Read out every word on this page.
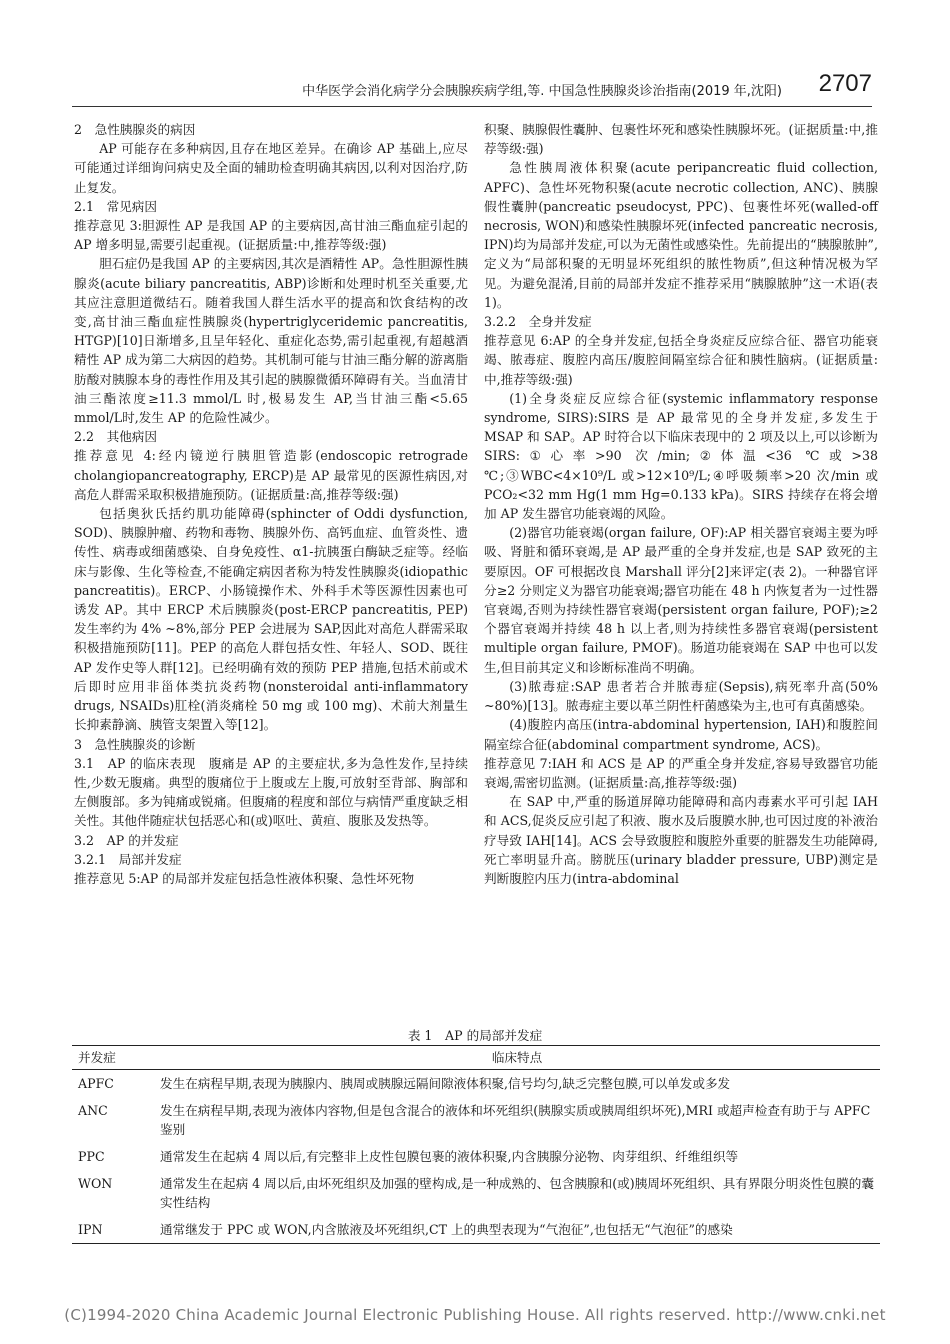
中华医学会消化病学分会胰腺疾病学组,等. 中国急性胰腺炎诊治指南(2019 年,沈阳) 2707

2　急性胰腺炎的病因

AP 可能存在多种病因,且存在地区差异。在确诊 AP 基础上,应尽可能通过详细询问病史及全面的辅助检查明确其病因,以利对因治疗,防止复发。

2.1　常见病因

推荐意见 3:胆源性 AP 是我国 AP 的主要病因,高甘油三酯血症引起的 AP 增多明显,需要引起重视。(证据质量:中,推荐等级:强)

胆石症仍是我国 AP 的主要病因,其次是酒精性 AP。急性胆源性胰腺炎(acute biliary pancreatitis, ABP)诊断和处理时机至关重要,尤其应注意胆道微结石。随着我国人群生活水平的提高和饮食结构的改变,高甘油三酯血症性胰腺炎(hypertriglyceridemic pancreatitis, HTGP)[10]日渐增多,且呈年轻化、重症化态势,需引起重视,有超越酒精性 AP 成为第二大病因的趋势。其机制可能与甘油三酯分解的游离脂肪酸对胰腺本身的毒性作用及其引起的胰腺微循环障碍有关。当血清甘油三酯浓度≥11.3 mmol/L 时,极易发生 AP,当甘油三酯<5.65 mmol/L时,发生 AP 的危险性减少。

2.2　其他病因

推荐意见 4:经内镜逆行胰胆管造影(endoscopic retrograde cholangiopancreatography, ERCP)是 AP 最常见的医源性病因,对高危人群需采取积极措施预防。(证据质量:高,推荐等级:强)

包括奥狄氏括约肌功能障碍(sphincter of Oddi dysfunction, SOD)、胰腺肿瘤、药物和毒物、胰腺外伤、高钙血症、血管炎性、遗传性、病毒或细菌感染、自身免疫性、α1-抗胰蛋白酶缺乏症等。经临床与影像、生化等检查,不能确定病因者称为特发性胰腺炎(idiopathic pancreatitis)。ERCP、小肠镜操作术、外科手术等医源性因素也可诱发 AP。其中 ERCP 术后胰腺炎(post-ERCP pancreatitis, PEP)发生率约为 4% ~8%,部分 PEP 会进展为 SAP,因此对高危人群需采取积极措施预防[11]。PEP 的高危人群包括女性、年轻人、SOD、既往 AP 发作史等人群[12]。已经明确有效的预防 PEP 措施,包括术前或术后即时应用非甾体类抗炎药物(nonsteroidal anti-inflammatory drugs, NSAIDs)肛栓(消炎痛栓 50 mg 或 100 mg)、术前大剂量生长抑素静滴、胰管支架置入等[12]。

3　急性胰腺炎的诊断

3.1　AP 的临床表现　腹痛是 AP 的主要症状,多为急性发作,呈持续性,少数无腹痛。典型的腹痛位于上腹或左上腹,可放射至背部、胸部和左侧腹部。多为钝痛或锐痛。但腹痛的程度和部位与病情严重度缺乏相关性。其他伴随症状包括恶心和(或)呕吐、黄疸、腹胀及发热等。

3.2　AP 的并发症

3.2.1　局部并发症

推荐意见 5:AP 的局部并发症包括急性液体积聚、急性坏死物

积聚、胰腺假性囊肿、包裹性坏死和感染性胰腺坏死。(证据质量:中,推荐等级:强)

急性胰周液体积聚(acute peripancreatic fluid collection, APFC)、急性坏死物积聚(acute necrotic collection, ANC)、胰腺假性囊肿(pancreatic pseudocyst, PPC)、包裹性坏死(walled-off necrosis, WON)和感染性胰腺坏死(infected pancreatic necrosis, IPN)均为局部并发症,可以为无菌性或感染性。先前提出的“胰腺脓肿”,定义为“局部积聚的无明显坏死组织的脓性物质”,但这种情况极为罕见。为避免混淆,目前的局部并发症不推荐采用“胰腺脓肿”这一术语(表 1)。

3.2.2　全身并发症

推荐意见 6:AP 的全身并发症,包括全身炎症反应综合征、器官功能衰竭、脓毒症、腹腔内高压/腹腔间隔室综合征和胰性脑病。(证据质量:中,推荐等级:强)

(1)全身炎症反应综合征(systemic inflammatory response syndrome, SIRS):SIRS 是 AP 最常见的全身并发症,多发生于 MSAP 和 SAP。AP 时符合以下临床表现中的 2 项及以上,可以诊断为 SIRS:①心率>90 次/min;②体温<36 ℃或>38 ℃;③WBC<4×10⁹/L 或>12×10⁹/L;④呼吸频率>20 次/min 或 PCO₂<32 mm Hg(1 mm Hg=0.133 kPa)。SIRS 持续存在将会增加 AP 发生器官功能衰竭的风险。

(2)器官功能衰竭(organ failure, OF):AP 相关器官衰竭主要为呼吸、肾脏和循环衰竭,是 AP 最严重的全身并发症,也是 SAP 致死的主要原因。OF 可根据改良 Marshall 评分[2]来评定(表 2)。一种器官评分≥2 分则定义为器官功能衰竭;器官功能在 48 h 内恢复者为一过性器官衰竭,否则为持续性器官衰竭(persistent organ failure, POF);≥2 个器官衰竭并持续 48 h 以上者,则为持续性多器官衰竭(persistent multiple organ failure, PMOF)。肠道功能衰竭在 SAP 中也可以发生,但目前其定义和诊断标准尚不明确。

(3)脓毒症:SAP 患者若合并脓毒症(Sepsis),病死率升高(50% ~80%)[13]。脓毒症主要以革兰阴性杆菌感染为主,也可有真菌感染。

(4)腹腔内高压(intra-abdominal hypertension, IAH)和腹腔间隔室综合征(abdominal compartment syndrome, ACS)。

推荐意见 7:IAH 和 ACS 是 AP 的严重全身并发症,容易导致器官功能衰竭,需密切监测。(证据质量:高,推荐等级:强)

在 SAP 中,严重的肠道屏障功能障碍和高内毒素水平可引起 IAH 和 ACS,促炎反应引起了积液、腹水及后腹膜水肿,也可因过度的补液治疗导致 IAH[14]。ACS 会导致腹腔和腹腔外重要的脏器发生功能障碍,死亡率明显升高。膀胱压(urinary bladder pressure, UBP)测定是判断腹腔内压力(intra-abdominal

表 1　AP 的局部并发症
并发症	临床特点
APFC	发生在病程早期,表现为胰腺内、胰周或胰腺远隔间隙液体积聚,信号均匀,缺乏完整包膜,可以单发或多发
ANC	发生在病程早期,表现为液体内容物,但是包含混合的液体和坏死组织(胰腺实质或胰周组织坏死),MRI 或超声检查有助于与 APFC 鉴别
PPC	通常发生在起病 4 周以后,有完整非上皮性包膜包裹的液体积聚,内含胰腺分泌物、肉芽组织、纤维组织等
WON	通常发生在起病 4 周以后,由坏死组织及加强的壁构成,是一种成熟的、包含胰腺和(或)胰周坏死组织、具有界限分明炎性包膜的囊实性结构
IPN	通常继发于 PPC 或 WON,内含脓液及坏死组织,CT 上的典型表现为“气泡征”,也包括无“气泡征”的感染
(C)1994-2020 China Academic Journal Electronic Publishing House. All rights reserved. http://www.cnki.net
